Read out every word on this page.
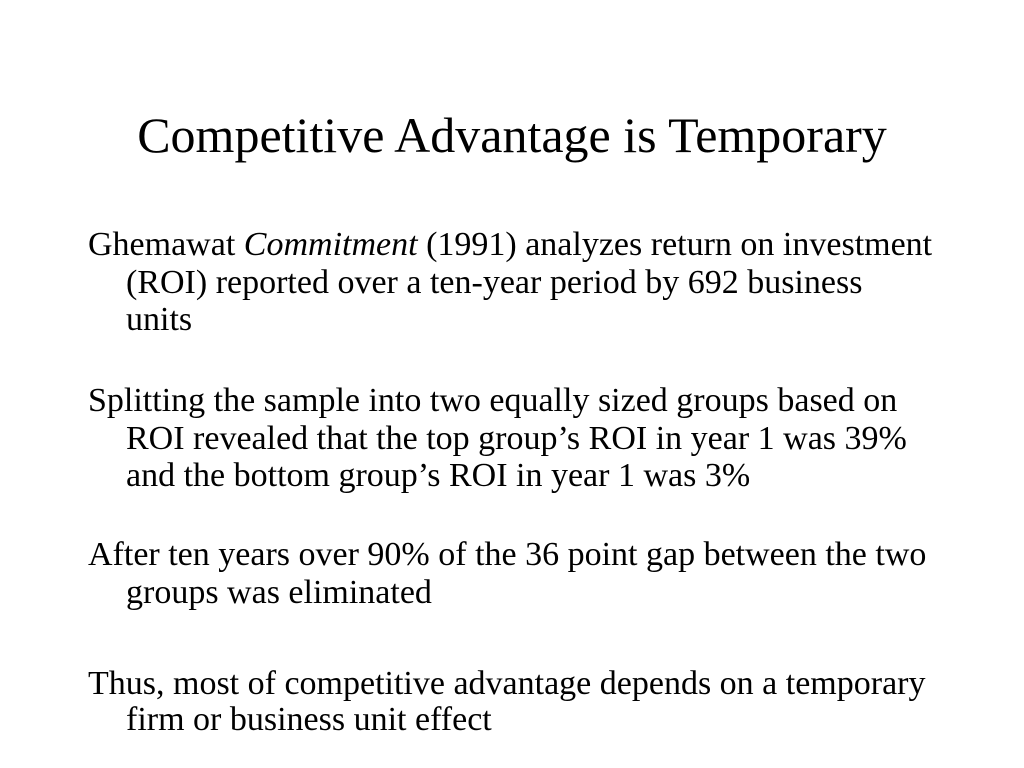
Competitive Advantage is Temporary
Ghemawat Commitment (1991) analyzes return on investment
(ROI) reported over a ten-year period by 692 business
units
Splitting the sample into two equally sized groups based on
ROI revealed that the top group’s ROI in year 1 was 39%
and the bottom group’s ROI in year 1 was 3%
After ten years over 90% of the 36 point gap between the two
groups was eliminated
Thus, most of competitive advantage depends on a temporary
firm or business unit effect
